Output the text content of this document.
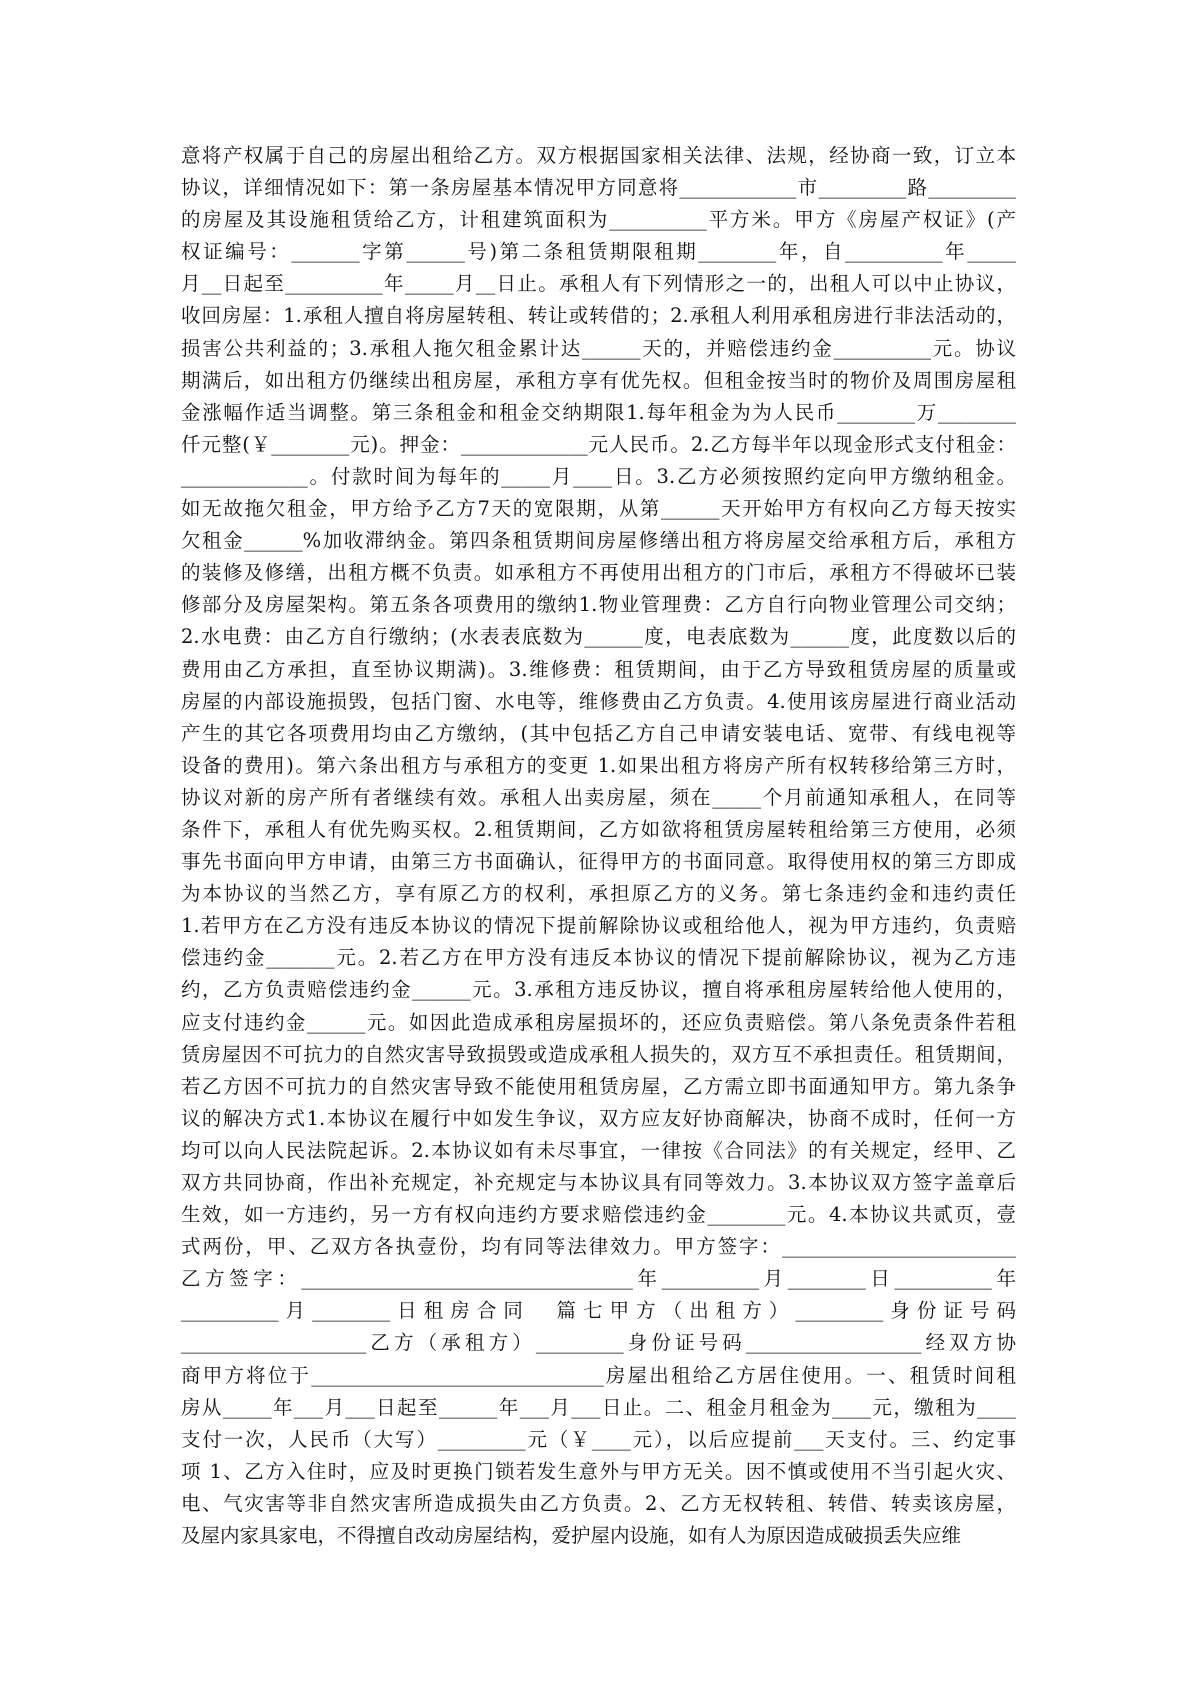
意将产权属于自己的房屋出租给乙方。双方根据国家相关法律、法规，经协商一致，订立本
协议，详细情况如下：第一条房屋基本情况甲方同意将____________市_________路_________
的房屋及其设施租赁给乙方，计租建筑面积为__________平方米。甲方《房屋产权证》(产
权证编号：_______字第______号)第二条租赁期限租期________年，自__________年_____
月__日起至__________年_____月__日止。承租人有下列情形之一的，出租人可以中止协议，
收回房屋：1.承租人擅自将房屋转租、转让或转借的；2.承租人利用承租房进行非法活动的，
损害公共利益的；3.承租人拖欠租金累计达______天的，并赔偿违约金__________元。协议
期满后，如出租方仍继续出租房屋，承租方享有优先权。但租金按当时的物价及周围房屋租
金涨幅作适当调整。第三条租金和租金交纳期限1.每年租金为为人民币________万________
仟元整(￥________元)。押金：_____________元人民币。2.乙方每半年以现金形式支付租金：
_____________。付款时间为每年的_____月____日。3.乙方必须按照约定向甲方缴纳租金。
如无故拖欠租金，甲方给予乙方7天的宽限期，从第______天开始甲方有权向乙方每天按实
欠租金______%加收滞纳金。第四条租赁期间房屋修缮出租方将房屋交给承租方后，承租方
的装修及修缮，出租方概不负责。如承租方不再使用出租方的门市后，承租方不得破坏已装
修部分及房屋架构。第五条各项费用的缴纳1.物业管理费：乙方自行向物业管理公司交纳；
2.水电费：由乙方自行缴纳；(水表表底数为______度，电表底数为______度，此度数以后的
费用由乙方承担，直至协议期满)。3.维修费：租赁期间，由于乙方导致租赁房屋的质量或
房屋的内部设施损毁，包括门窗、水电等，维修费由乙方负责。4.使用该房屋进行商业活动
产生的其它各项费用均由乙方缴纳，(其中包括乙方自己申请安装电话、宽带、有线电视等
设备的费用)。第六条出租方与承租方的变更 1.如果出租方将房产所有权转移给第三方时，
协议对新的房产所有者继续有效。承租人出卖房屋，须在_____个月前通知承租人，在同等
条件下，承租人有优先购买权。2.租赁期间，乙方如欲将租赁房屋转租给第三方使用，必须
事先书面向甲方申请，由第三方书面确认，征得甲方的书面同意。取得使用权的第三方即成
为本协议的当然乙方，享有原乙方的权利，承担原乙方的义务。第七条违约金和违约责任
1.若甲方在乙方没有违反本协议的情况下提前解除协议或租给他人，视为甲方违约，负责赔
偿违约金_______元。2.若乙方在甲方没有违反本协议的情况下提前解除协议，视为乙方违
约，乙方负责赔偿违约金______元。3.承租方违反协议，擅自将承租房屋转给他人使用的，
应支付违约金______元。如因此造成承租房屋损坏的，还应负责赔偿。第八条免责条件若租
赁房屋因不可抗力的自然灾害导致损毁或造成承租人损失的，双方互不承担责任。租赁期间，
若乙方因不可抗力的自然灾害导致不能使用租赁房屋，乙方需立即书面通知甲方。第九条争
议的解决方式1.本协议在履行中如发生争议，双方应友好协商解决，协商不成时，任何一方
均可以向人民法院起诉。2.本协议如有未尽事宜，一律按《合同法》的有关规定，经甲、乙
双方共同协商，作出补充规定，补充规定与本协议具有同等效力。3.本协议双方签字盖章后
生效，如一方违约，另一方有权向违约方要求赔偿违约金________元。4.本协议共贰页，壹
式两份，甲、乙双方各执壹份，均有同等法律效力。甲方签字：________________________
乙方签字：__________________________________年__________月________日__________年
__________月________日租房合同　篇七甲方（出租方）_________身份证号码
___________________乙方（承租方）_________身份证号码__________________经双方协
商甲方将位于______________________________房屋出租给乙方居住使用。一、租赁时间租
房从_____年___月___日起至______年___月___日止。二、租金月租金为____元，缴租为____
支付一次，人民币（大写）_________元（￥____元），以后应提前___天支付。三、约定事
项 1、乙方入住时，应及时更换门锁若发生意外与甲方无关。因不慎或使用不当引起火灾、
电、气灾害等非自然灾害所造成损失由乙方负责。2、乙方无权转租、转借、转卖该房屋，
及屋内家具家电，不得擅自改动房屋结构，爱护屋内设施，如有人为原因造成破损丢失应维
